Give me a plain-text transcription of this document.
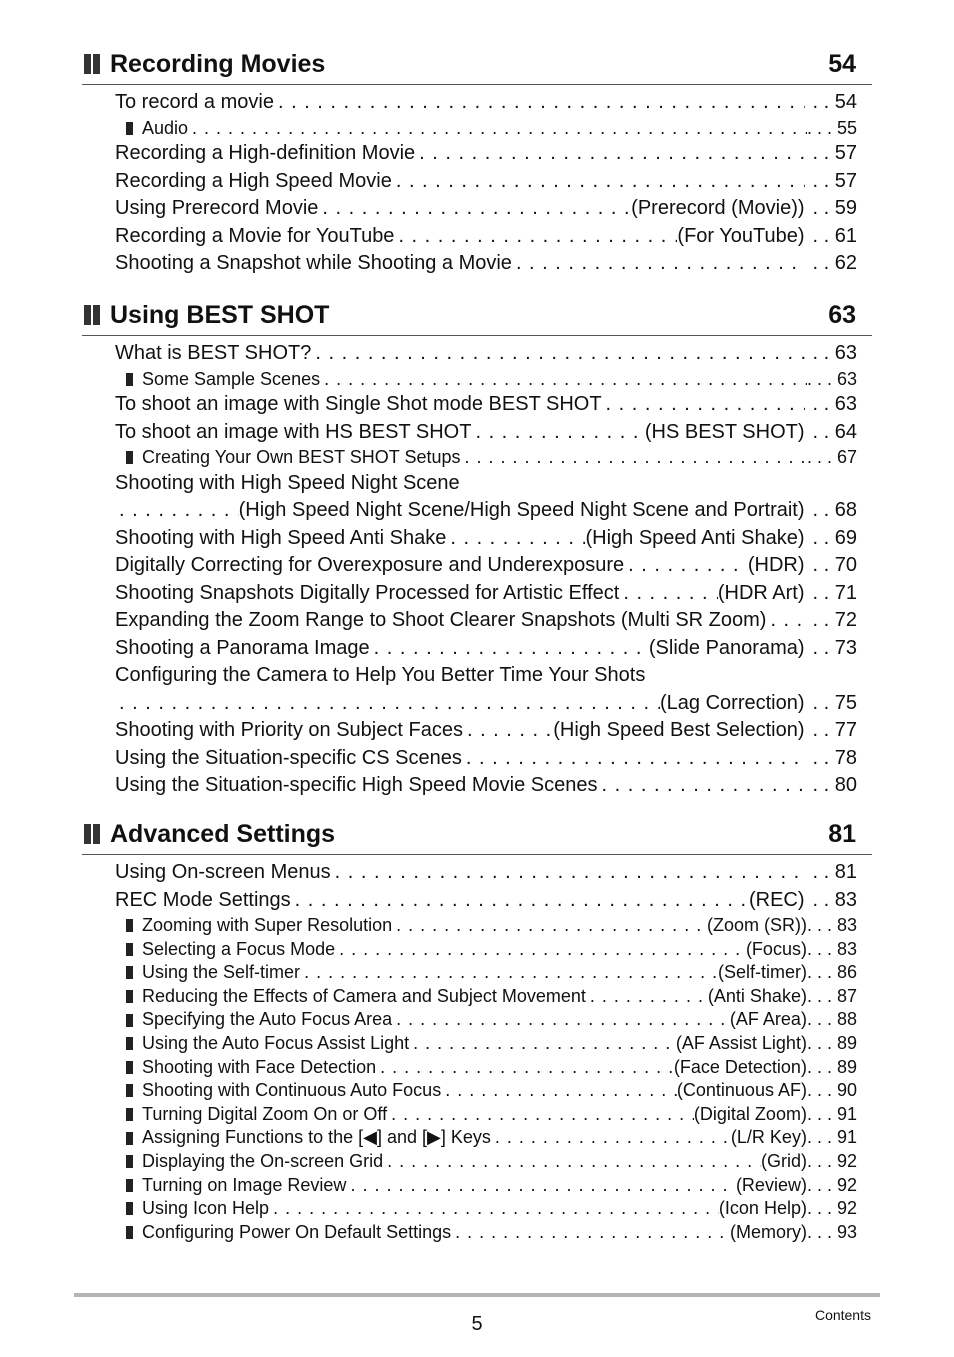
Recording Movies	54
To record a movie . . .	. . 54
Audio . . .	. . . 55
Recording a High-definition Movie . . .	. . 57
Recording a High Speed Movie . . .	. . 57
Using Prerecord Movie . . .	(Prerecord (Movie))	. . 59
Recording a Movie for YouTube . . .	(For YouTube)	. . 61
Shooting a Snapshot while Shooting a Movie . . .	. . 62
Using BEST SHOT	63
What is BEST SHOT? . . .	. . 63
Some Sample Scenes . . .	. . . 63
To shoot an image with Single Shot mode BEST SHOT . . .	. . 63
To shoot an image with HS BEST SHOT . . .	(HS BEST SHOT)	. . 64
Creating Your Own BEST SHOT Setups . . .	. . . 67
Shooting with High Speed Night Scene
. . .
(High Speed Night Scene/High Speed Night Scene and Portrait)	. . 68
Shooting with High Speed Anti Shake . . .	(High Speed Anti Shake)	. . 69
Digitally Correcting for Overexposure and Underexposure . . .	(HDR)	. . 70
Shooting Snapshots Digitally Processed for Artistic Effect . . .	(HDR Art)	. . 71
Expanding the Zoom Range to Shoot Clearer Snapshots (Multi SR Zoom) . . .	. . 72
Shooting a Panorama Image . . .	(Slide Panorama)	. . 73
Configuring the Camera to Help You Better Time Your Shots
. . .
(Lag Correction)	. . 75
Shooting with Priority on Subject Faces . . .	(High Speed Best Selection)	. . 77
Using the Situation-specific CS Scenes . . .	. . 78
Using the Situation-specific High Speed Movie Scenes . . .	. . 80
Advanced Settings	81
Using On-screen Menus . . .	. . 81
REC Mode Settings . . .	(REC)	. . 83
Zooming with Super Resolution . . .	(Zoom (SR))	. . . 83
Selecting a Focus Mode . . .	(Focus)	. . . 83
Using the Self-timer . . .	(Self-timer)	. . . 86
Reducing the Effects of Camera and Subject Movement . . .	(Anti Shake)	. . . 87
Specifying the Auto Focus Area . . .	(AF Area)	. . . 88
Using the Auto Focus Assist Light . . .	(AF Assist Light)	. . . 89
Shooting with Face Detection . . .	(Face Detection)	. . . 89
Shooting with Continuous Auto Focus . . .	(Continuous AF)	. . . 90
Turning Digital Zoom On or Off . . .	(Digital Zoom)	. . . 91
Assigning Functions to the [◀] and [▶] Keys . . .	(L/R Key)	. . . 91
Displaying the On-screen Grid . . .	(Grid)	. . . 92
Turning on Image Review . . .	(Review)	. . . 92
Using Icon Help . . .	(Icon Help)	. . . 92
Configuring Power On Default Settings . . .	(Memory)	. . . 93
5	Contents
